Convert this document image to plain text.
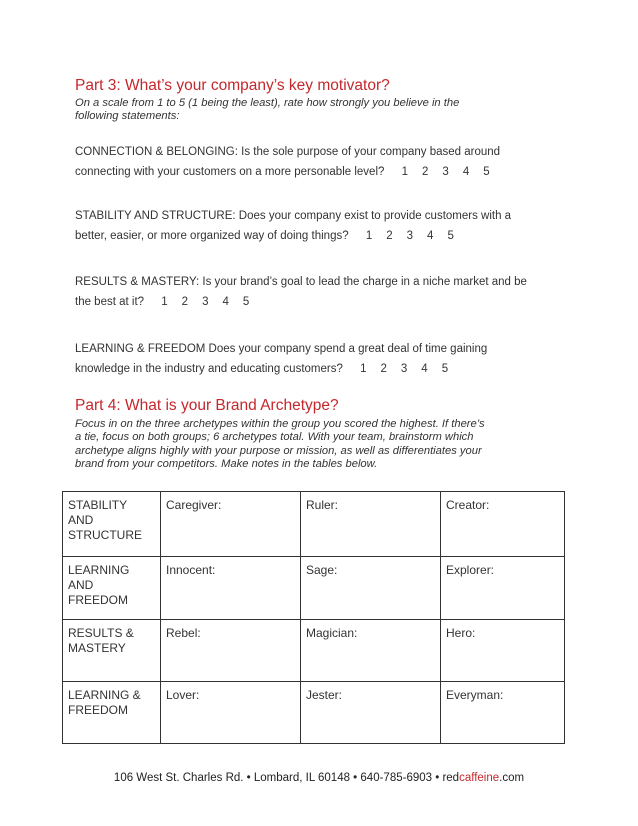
Part 3: What’s your company’s key motivator?

On a scale from 1 to 5 (1 being the least), rate how strongly you believe in the
following statements:

CONNECTION & BELONGING: Is the sole purpose of your company based around
connecting with your customers on a more personable level? 1 2 3 4 5

STABILITY AND STRUCTURE: Does your company exist to provide customers with a
better, easier, or more organized way of doing things? 1 2 3 4 5

RESULTS & MASTERY: Is your brand’s goal to lead the charge in a niche market and be
the best at it? 1 2 3 4 5

LEARNING & FREEDOM Does your company spend a great deal of time gaining
knowledge in the industry and educating customers? 1 2 3 4 5

Part 4: What is your Brand Archetype?

Focus in on the three archetypes within the group you scored the highest. If there’s
a tie, focus on both groups; 6 archetypes total. With your team, brainstorm which
archetype aligns highly with your purpose or mission, as well as differentiates your
brand from your competitors. Make notes in the tables below.

STABILITY
AND
STRUCTURE	Caregiver:	Ruler:	Creator:
LEARNING
AND
FREEDOM	Innocent:	Sage:	Explorer:
RESULTS &
MASTERY	Rebel:	Magician:	Hero:
LEARNING &
FREEDOM	Lover:	Jester:	Everyman:

106 West St. Charles Rd. • Lombard, IL 60148 • 640-785-6903 • redcaffeine.com
